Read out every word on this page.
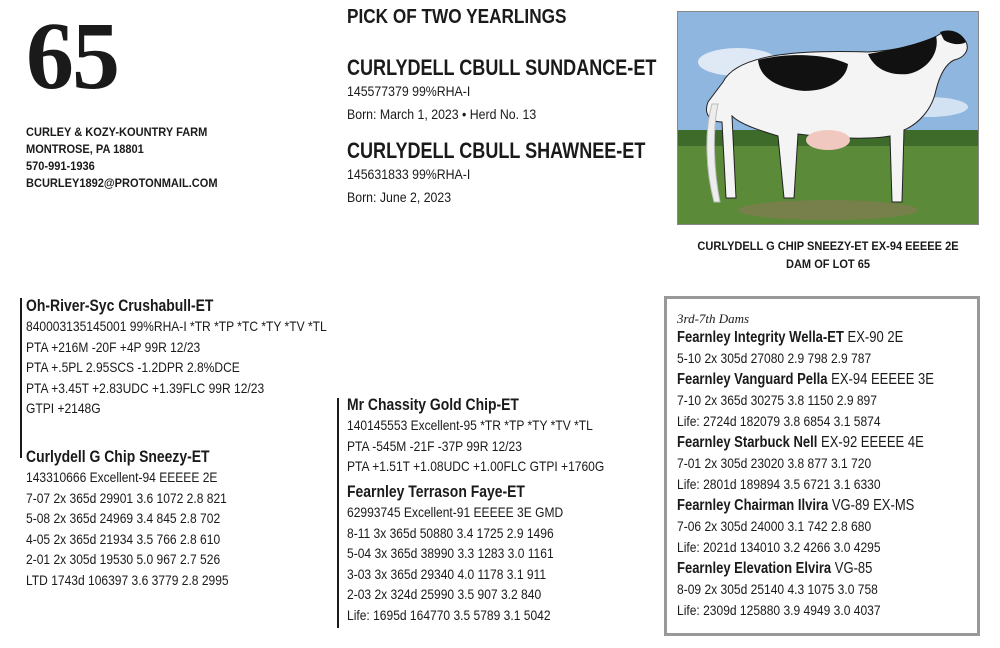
65
CURLEY & KOZY-KOUNTRY FARM
MONTROSE, PA 18801
570-991-1936
BCURLEY1892@PROTONMAIL.COM
PICK OF TWO YEARLINGS
CURLYDELL CBULL SUNDANCE-ET
145577379 99%RHA-I
Born: March 1, 2023 • Herd No. 13
CURLYDELL CBULL SHAWNEE-ET
145631833 99%RHA-I
Born: June 2, 2023
CURLYDELL G CHIP SNEEZY-ET EX-94 EEEEE 2E
DAM OF LOT 65
Oh-River-Syc Crushabull-ET
840003135145001 99%RHA-I *TR *TP *TC *TY *TV *TL
PTA +216M -20F +4P 99R 12/23
PTA +.5PL 2.95SCS -1.2DPR 2.8%DCE
PTA +3.45T +2.83UDC +1.39FLC 99R 12/23
GTPI +2148G
Curlydell G Chip Sneezy-ET
143310666 Excellent-94 EEEEE 2E
7-07 2x 365d 29901 3.6 1072 2.8 821
5-08 2x 365d 24969 3.4 845 2.8 702
4-05 2x 365d 21934 3.5 766 2.8 610
2-01 2x 305d 19530 5.0 967 2.7 526
LTD 1743d 106397 3.6 3779 2.8 2995
Mr Chassity Gold Chip-ET
140145553 Excellent-95 *TR *TP *TY *TV *TL
PTA -545M -21F -37P 99R 12/23
PTA +1.51T +1.08UDC +1.00FLC GTPI +1760G
Fearnley Terrason Faye-ET
62993745 Excellent-91 EEEEE 3E GMD
8-11 3x 365d 50880 3.4 1725 2.9 1496
5-04 3x 365d 38990 3.3 1283 3.0 1161
3-03 3x 365d 29340 4.0 1178 3.1 911
2-03 2x 324d 25990 3.5 907 3.2 840
Life: 1695d 164770 3.5 5789 3.1 5042
3rd-7th Dams
Fearnley Integrity Wella-ET EX-90 2E
5-10 2x 305d 27080 2.9 798 2.9 787
Fearnley Vanguard Pella EX-94 EEEEE 3E
7-10 2x 365d 30275 3.8 1150 2.9 897
Life: 2724d 182079 3.8 6854 3.1 5874
Fearnley Starbuck Nell EX-92 EEEEE 4E
7-01 2x 305d 23020 3.8 877 3.1 720
Life: 2801d 189894 3.5 6721 3.1 6330
Fearnley Chairman Ilvira VG-89 EX-MS
7-06 2x 305d 24000 3.1 742 2.8 680
Life: 2021d 134010 3.2 4266 3.0 4295
Fearnley Elevation Elvira VG-85
8-09 2x 305d 25140 4.3 1075 3.0 758
Life: 2309d 125880 3.9 4949 3.0 4037
